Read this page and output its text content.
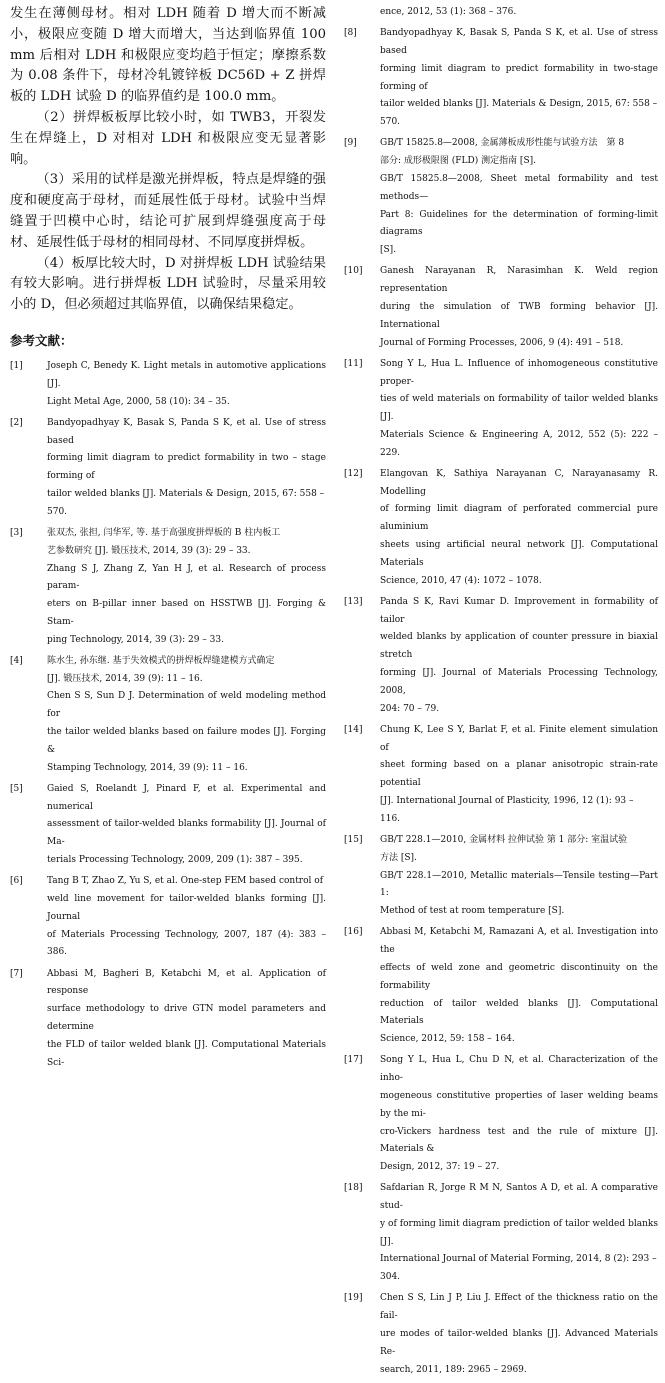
发生在薄侧母材。相对 LDH 随着 D 增大而不断减小，极限应变随 D 增大而增大，当达到临界值 100 mm 后相对 LDH 和极限应变均趋于恒定；摩擦系数为 0.08 条件下，母材冷轧镀锌板 DC56D + Z 拼焊板的 LDH 试验 D 的临界值约是 100.0 mm。

（2）拼焊板板厚比较小时，如 TWB3，开裂发生在焊缝上，D 对相对 LDH 和极限应变无显著影响。

（3）采用的试样是激光拼焊板，特点是焊缝的强度和硬度高于母材，而延展性低于母材。试验中当焊缝置于凹模中心时，结论可扩展到焊缝强度高于母材、延展性低于母材的相同母材、不同厚度拼焊板。

（4）板厚比较大时，D 对拼焊板 LDH 试验结果有较大影响。进行拼焊板 LDH 试验时，尽量采用较小的 D，但必须超过其临界值，以确保结果稳定。

参考文献：
[1]	Joseph C, Benedy K. Light metals in automotive applications [J].
Light Metal Age, 2000, 58 (10): 34 – 35.
[2]	Bandyopadhyay K, Basak S, Panda S K, et al. Use of stress based
forming limit diagram to predict formability in two – stage forming of
tailor welded blanks [J]. Materials & Design, 2015, 67: 558 –
570.
[3]	张双杰, 张担, 闫华军, 等. 基于高强度拼焊板的 B 柱内板工
艺参数研究 [J]. 锻压技术, 2014, 39 (3): 29 – 33.
Zhang S J, Zhang Z, Yan H J, et al. Research of process param-
eters on B-pillar inner based on HSSTWB [J]. Forging & Stam-
ping Technology, 2014, 39 (3): 29 – 33.
[4]	陈水生, 孙东继. 基于失效模式的拼焊板焊缝建模方式确定
[J]. 锻压技术, 2014, 39 (9): 11 – 16.
Chen S S, Sun D J. Determination of weld modeling method for
the tailor welded blanks based on failure modes [J]. Forging &
Stamping Technology, 2014, 39 (9): 11 – 16.
[5]	Gaied S, Roelandt J, Pinard F, et al. Experimental and numerical
assessment of tailor-welded blanks formability [J]. Journal of Ma-
terials Processing Technology, 2009, 209 (1): 387 – 395.
[6]	Tang B T, Zhao Z, Yu S, et al. One-step FEM based control of
weld line movement for tailor-welded blanks forming [J]. Journal
of Materials Processing Technology, 2007, 187 (4): 383 – 386.
[7]	Abbasi M, Bagheri B, Ketabchi M, et al. Application of response
surface methodology to drive GTN model parameters and determine
the FLD of tailor welded blank [J]. Computational Materials Sci-
ence, 2012, 53 (1): 368 – 376.
[8]	Bandyopadhyay K, Basak S, Panda S K, et al. Use of stress based
forming limit diagram to predict formability in two-stage forming of
tailor welded blanks [J]. Materials & Design, 2015, 67: 558 –
570.
[9]	GB/T 15825.8—2008, 金属薄板成形性能与试验方法　第 8
部分: 成形极限图 (FLD) 测定指南 [S].
GB/T 15825.8—2008, Sheet metal formability and test methods—
Part 8: Guidelines for the determination of forming-limit diagrams
[S].
[10] Ganesh Narayanan R, Narasimhan K. Weld region representation
during the simulation of TWB forming behavior [J]. International
Journal of Forming Processes, 2006, 9 (4): 491 – 518.
[11] Song Y L, Hua L. Influence of inhomogeneous constitutive proper-
ties of weld materials on formability of tailor welded blanks [J].
Materials Science & Engineering A, 2012, 552 (5): 222 – 229.
[12] Elangovan K, Sathiya Narayanan C, Narayanasamy R. Modelling
of forming limit diagram of perforated commercial pure aluminium
sheets using artificial neural network [J]. Computational Materials
Science, 2010, 47 (4): 1072 – 1078.
[13] Panda S K, Ravi Kumar D. Improvement in formability of tailor
welded blanks by application of counter pressure in biaxial stretch
forming [J]. Journal of Materials Processing Technology, 2008,
204: 70 – 79.
[14] Chung K, Lee S Y, Barlat F, et al. Finite element simulation of
sheet forming based on a planar anisotropic strain-rate potential
[J]. International Journal of Plasticity, 1996, 12 (1): 93 –
116.
[15] GB/T 228.1—2010, 金属材料 拉伸试验 第 1 部分: 室温试验
方法 [S].
GB/T 228.1—2010, Metallic materials—Tensile testing—Part 1:
Method of test at room temperature [S].
[16] Abbasi M, Ketabchi M, Ramazani A, et al. Investigation into the
effects of weld zone and geometric discontinuity on the formability
reduction of tailor welded blanks [J]. Computational Materials
Science, 2012, 59: 158 – 164.
[17] Song Y L, Hua L, Chu D N, et al. Characterization of the inho-
mogeneous constitutive properties of laser welding beams by the mi-
cro-Vickers hardness test and the rule of mixture [J]. Materials &
Design, 2012, 37: 19 – 27.
[18] Safdarian R, Jorge R M N, Santos A D, et al. A comparative stud-
y of forming limit diagram prediction of tailor welded blanks [J].
International Journal of Material Forming, 2014, 8 (2): 293 –
304.
[19] Chen S S, Lin J P, Liu J. Effect of the thickness ratio on the fail-
ure modes of tailor-welded blanks [J]. Advanced Materials Re-
search, 2011, 189: 2965 – 2969.
